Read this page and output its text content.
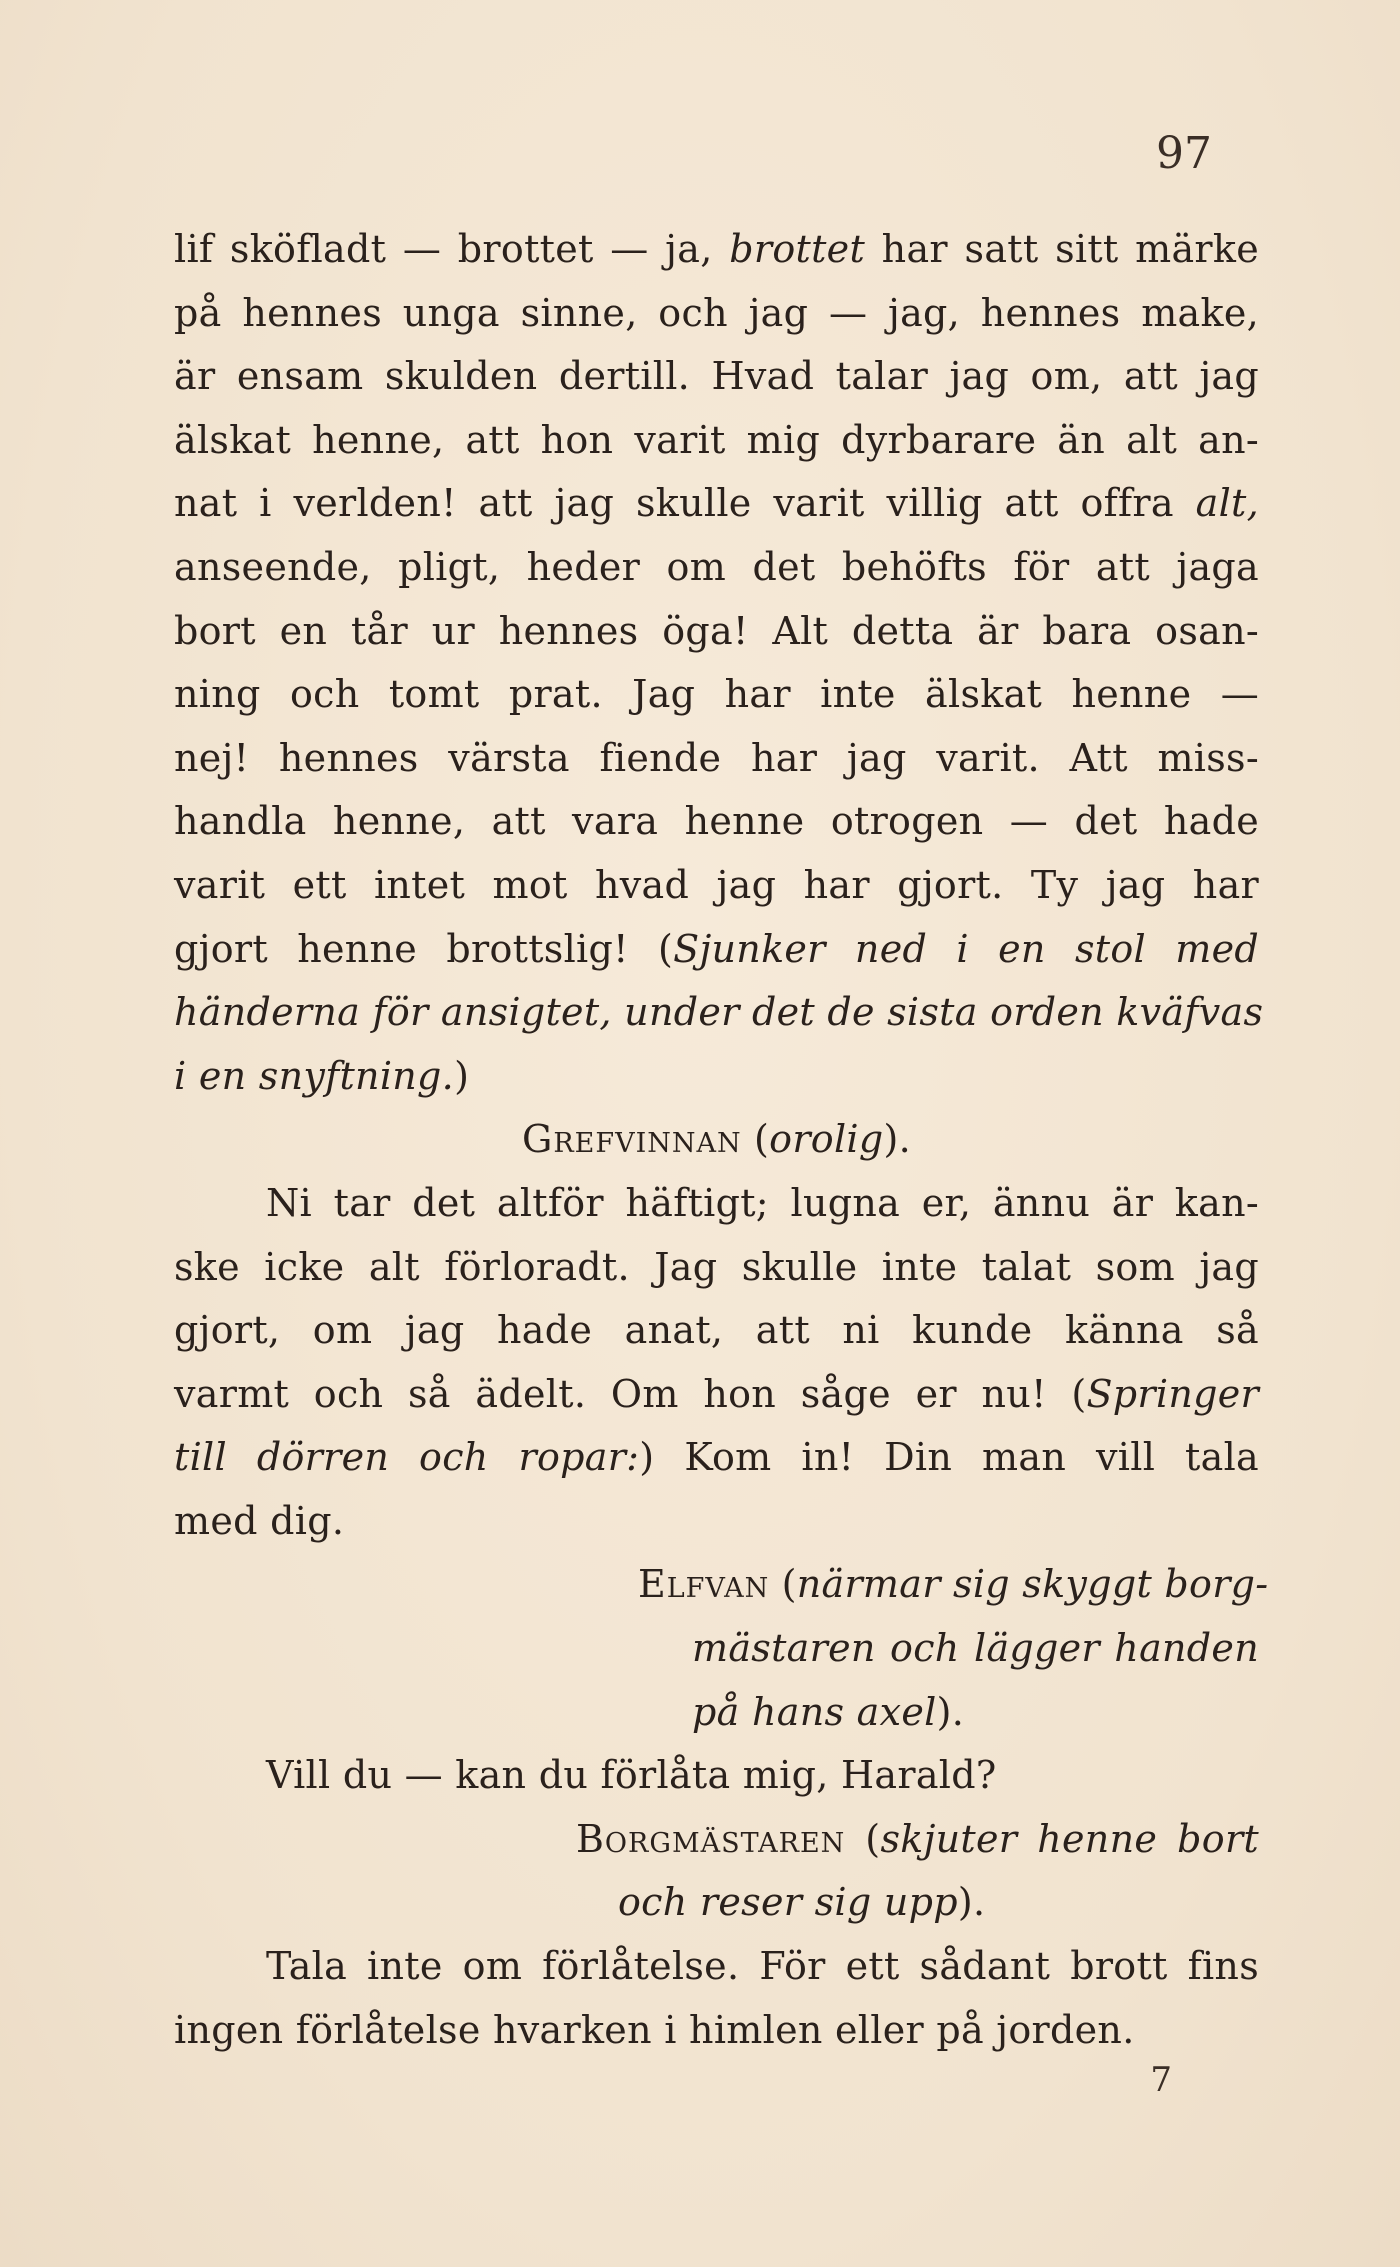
97
lif sköfladt — brottet — ja, brottet har satt sitt märke
på hennes unga sinne, och jag — jag, hennes make,
är ensam skulden dertill. Hvad talar jag om, att jag
älskat henne, att hon varit mig dyrbarare än alt an-
nat i verlden! att jag skulle varit villig att offra alt,
anseende, pligt, heder om det behöfts för att jaga
bort en tår ur hennes öga! Alt detta är bara osan-
ning och tomt prat. Jag har inte älskat henne —
nej! hennes värsta fiende har jag varit. Att miss-
handla henne, att vara henne otrogen — det hade
varit ett intet mot hvad jag har gjort. Ty jag har
gjort henne brottslig! (Sjunker ned i en stol med
händerna för ansigtet, under det de sista orden kväfvas
i en snyftning.)
Grefvinnan (orolig).
Ni tar det altför häftigt; lugna er, ännu är kan-
ske icke alt förloradt. Jag skulle inte talat som jag
gjort, om jag hade anat, att ni kunde känna så
varmt och så ädelt. Om hon såge er nu! (Springer
till dörren och ropar:) Kom in! Din man vill tala
med dig.
Elfvan (närmar sig skyggt borg-
mästaren och lägger handen
på hans axel).
Vill du — kan du förlåta mig, Harald?
Borgmästaren (skjuter henne bort
och reser sig upp).
Tala inte om förlåtelse. För ett sådant brott fins
ingen förlåtelse hvarken i himlen eller på jorden.
7
